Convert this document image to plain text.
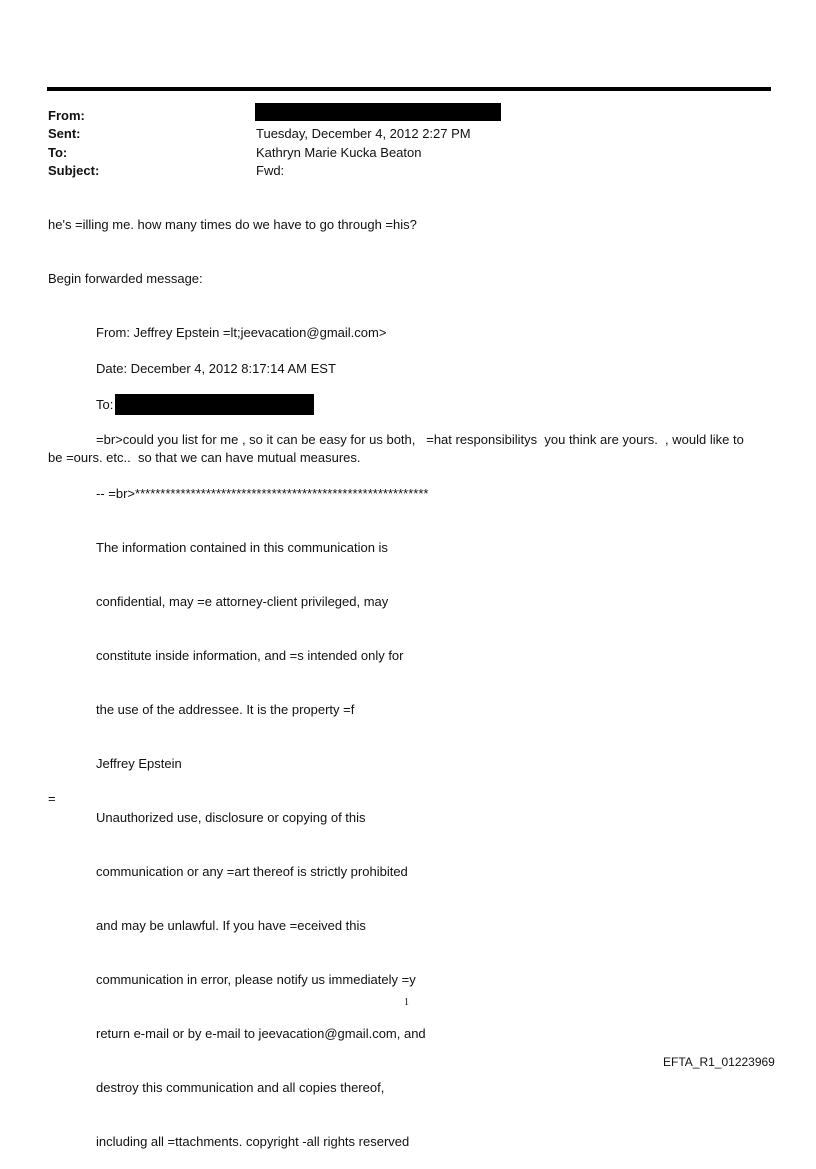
From:
Sent:	Tuesday, December 4, 2012 2:27 PM
To:	Kathryn Marie Kucka Beaton
Subject:	Fwd:
he's =illing me. how many times do we have to go through =his?
Begin forwarded message:
From: Jeffrey Epstein =lt;jeevacation@gmail.com>
Date: December 4, 2012 8:17:14 AM EST
To:
=br>could you list for me , so it can be easy for us both,   =hat responsibilitys  you think are yours.  , would like to
be =ours. etc..  so that we can have mutual measures.
-- =br>**********************************************************

The information contained in this communication is

confidential, may =e attorney-client privileged, may

constitute inside information, and =s intended only for

the use of the addressee. It is the property =f

Jeffrey Epstein

Unauthorized use, disclosure or copying of this

communication or any =art thereof is strictly prohibited

and may be unlawful. If you have =eceived this

communication in error, please notify us immediately =y

return e-mail or by e-mail to jeevacation@gmail.com, and

destroy this communication and all copies thereof,

including all =ttachments. copyright -all rights reserved

=
1
EFTA_R1_01223969
